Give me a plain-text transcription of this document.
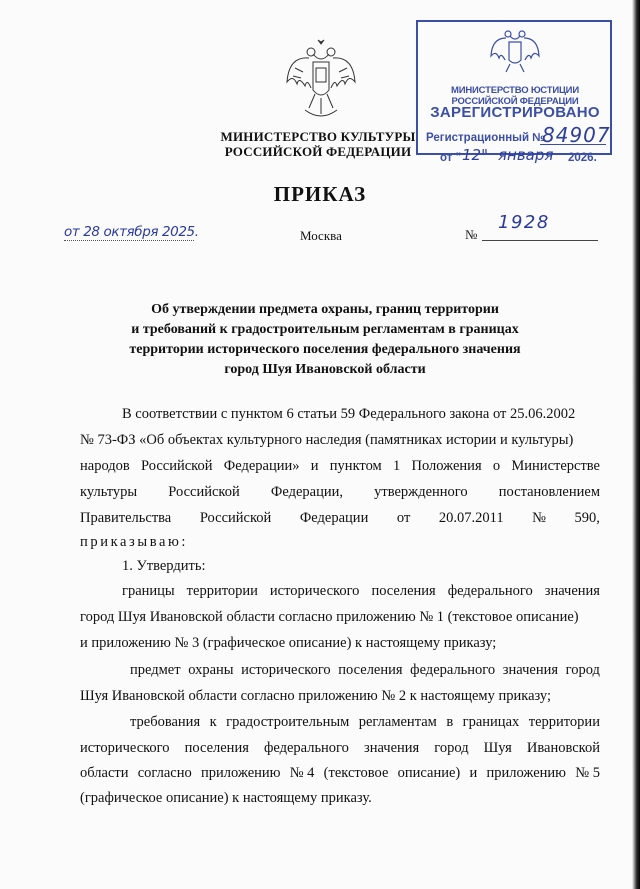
МИНИСТЕРСТВО КУЛЬТУРЫ
РОССИЙСКОЙ ФЕДЕРАЦИИ
МИНИСТЕРСТВО ЮСТИЦИИ РОССИЙСКОЙ ФЕДЕРАЦИИ
ЗАРЕГИСТРИРОВАНО
Регистрационный №
84907
от " 12" января 2026.
ПРИКАЗ
от 28 октября 2025.	Москва	№
1928
Об утверждении предмета охраны, границ территории
и требований к градостроительным регламентам в границах
территории исторического поселения федерального значения
город Шуя Ивановской области
В соответствии с пунктом 6 статьи 59 Федерального закона от 25.06.2002
№ 73-ФЗ «Об объектах культурного наследия (памятниках истории и культуры)
народов Российской Федерации» и пунктом 1 Положения о Министерстве
культуры Российской Федерации, утвержденного постановлением
Правительства Российской Федерации от 20.07.2011 № 590,
приказываю:
1. Утвердить:
границы территории исторического поселения федерального значения
город Шуя Ивановской области согласно приложению № 1 (текстовое описание)
и приложению № 3 (графическое описание) к настоящему приказу;
предмет охраны исторического поселения федерального значения город
Шуя Ивановской области согласно приложению № 2 к настоящему приказу;
требования к градостроительным регламентам в границах территории
исторического поселения федерального значения город Шуя Ивановской
области согласно приложению № 4 (текстовое описание) и приложению № 5
(графическое описание) к настоящему приказу.
